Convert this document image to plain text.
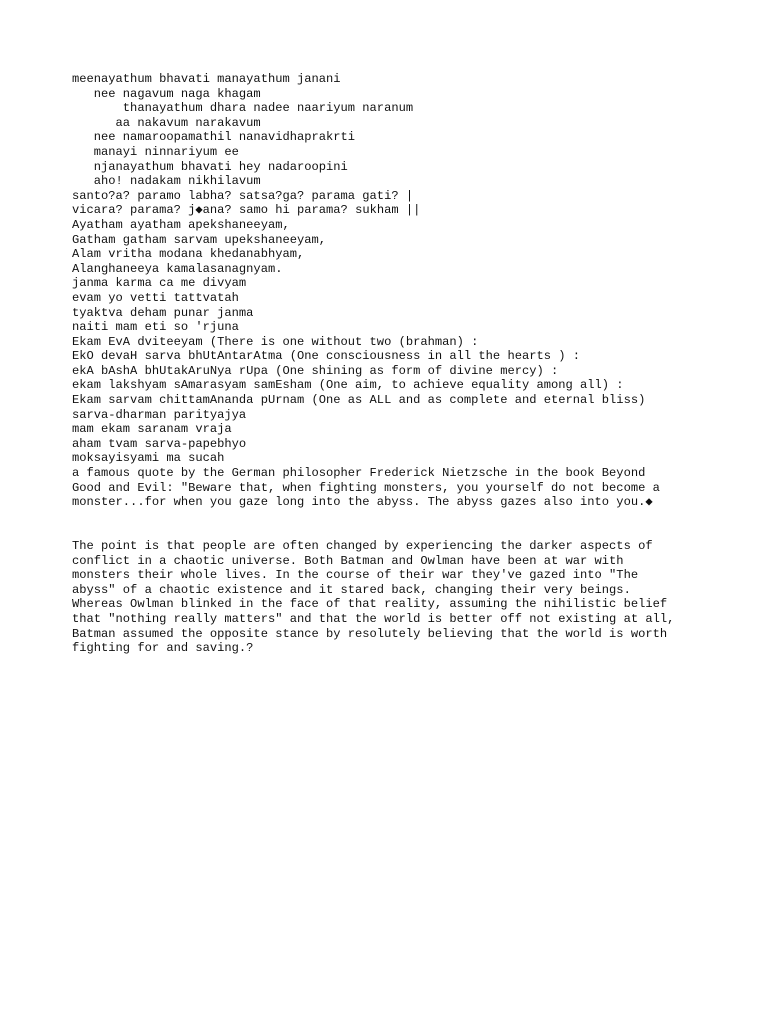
meenayathum bhavati manayathum janani
nee nagavum naga khagam
thanayathum dhara nadee naariyum naranum
aa nakavum narakavum
nee namaroopamathil nanavidhaprakrti
manayi ninnariyum ee
njanayathum bhavati hey nadaroopini
aho! nadakam nikhilavum
santo?a? paramo labha? satsa?ga? parama gati? |
vicara? parama? j◆ana? samo hi parama? sukham ||
Ayatham ayatham apekshaneeyam,
Gatham gatham sarvam upekshaneeyam,
Alam vritha modana khedanabhyam,
Alanghaneeya kamalasanagnyam.
janma karma ca me divyam
evam yo vetti tattvatah
tyaktva deham punar janma
naiti mam eti so 'rjuna
Ekam EvA dviteeyam (There is one without two (brahman) :
EkO devaH sarva bhUtAntarAtma (One consciousness in all the hearts ) :
ekA bAshA bhUtakAruNya rUpa (One shining as form of divine mercy) :
ekam lakshyam sAmarasyam samEsham (One aim, to achieve equality among all) :
Ekam sarvam chittamAnanda pUrnam (One as ALL and as complete and eternal bliss)
sarva-dharman parityajya
mam ekam saranam vraja
aham tvam sarva-papebhyo
moksayisyami ma sucah
a famous quote by the German philosopher Frederick Nietzsche in the book Beyond
Good and Evil: "Beware that, when fighting monsters, you yourself do not become a
monster...for when you gaze long into the abyss. The abyss gazes also into you.◆
The point is that people are often changed by experiencing the darker aspects of
conflict in a chaotic universe. Both Batman and Owlman have been at war with
monsters their whole lives. In the course of their war they've gazed into "The
abyss" of a chaotic existence and it stared back, changing their very beings.
Whereas Owlman blinked in the face of that reality, assuming the nihilistic belief
that "nothing really matters" and that the world is better off not existing at all,
Batman assumed the opposite stance by resolutely believing that the world is worth
fighting for and saving.?
